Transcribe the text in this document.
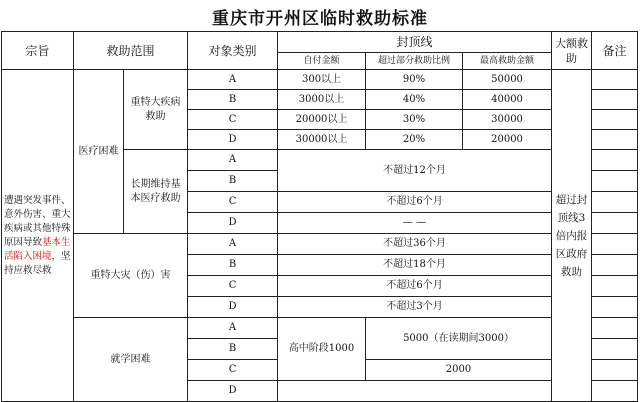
重庆市开州区临时救助标准
宗旨	救助范围		对象类别	封顶线			大额救助	备注
				自付金额	超过部分救助比例	最高救助金额		
遭遇突发事件、意外伤害、重大疾病或其他特殊原因导致基本生活陷入困境，坚持应救尽救	医疗困难	重特大疾病救助	A	300以上	90%	50000	超过封顶线3倍内报区政府救助	
			B	3000以上	40%	40000		
			C	20000以上	30%	30000		
			D	30000以上	20%	20000		
		长期维持基本医疗救助	A	不超过12个月				
			B					
			C	不超过6个月				
			D	— —				
	重特大灾（伤）害		A	不超过36个月				
			B	不超过18个月				
			C	不超过6个月				
			D	不超过3个月				
	就学困难		A	高中阶段1000	5000（在读期间3000）			
			B					
			C		2000			
			D					
